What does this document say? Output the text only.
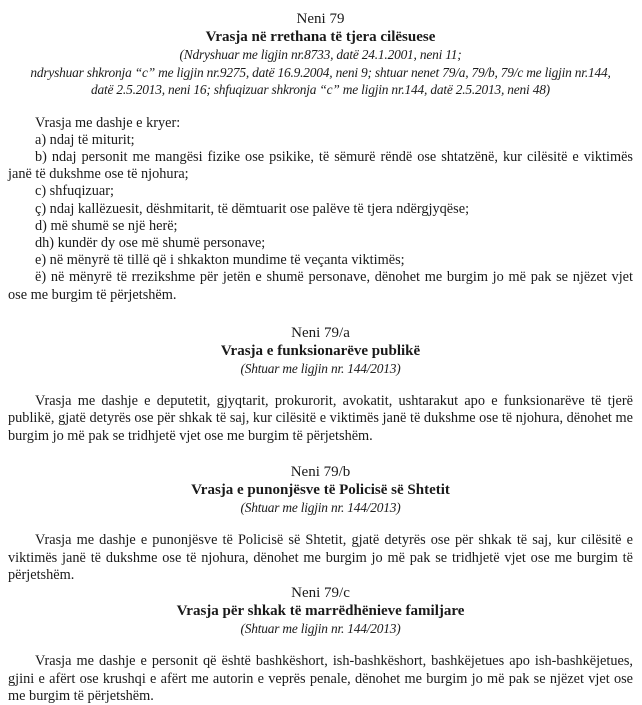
Neni 79
Vrasja në rrethana të tjera cilësuese
(Ndryshuar me ligjin nr.8733, datë 24.1.2001, neni 11;
ndryshuar shkronja “c” me ligjin nr.9275, datë 16.9.2004, neni 9; shtuar nenet 79/a, 79/b, 79/c me ligjin nr.144,
datë 2.5.2013, neni 16; shfuqizuar shkronja “c” me ligjin nr.144, datë 2.5.2013, neni 48)

Vrasja me dashje e kryer:

a) ndaj të miturit;

b) ndaj personit me mangësi fizike ose psikike, të sëmurë rëndë ose shtatzënë, kur cilësitë e viktimës janë të dukshme ose të njohura;

c) shfuqizuar;

ç) ndaj kallëzuesit, dëshmitarit, të dëmtuarit ose palëve të tjera ndërgjyqëse;

d) më shumë se një herë;

dh) kundër dy ose më shumë personave;

e) në mënyrë të tillë që i shkakton mundime të veçanta viktimës;

ë) në mënyrë të rrezikshme për jetën e shumë personave, dënohet me burgim jo më pak se njëzet vjet ose me burgim të përjetshëm.

Neni 79/a
Vrasja e funksionarëve publikë
(Shtuar me ligjin nr. 144/2013)

Vrasja me dashje e deputetit, gjyqtarit, prokurorit, avokatit, ushtarakut apo e funksionarëve të tjerë publikë, gjatë detyrës ose për shkak të saj, kur cilësitë e viktimës janë të dukshme ose të njohura, dënohet me burgim jo më pak se tridhjetë vjet ose me burgim të përjetshëm.

Neni 79/b
Vrasja e punonjësve të Policisë së Shtetit
(Shtuar me ligjin nr. 144/2013)

Vrasja me dashje e punonjësve të Policisë së Shtetit, gjatë detyrës ose për shkak të saj, kur cilësitë e viktimës janë të dukshme ose të njohura, dënohet me burgim jo më pak se tridhjetë vjet ose me burgim të përjetshëm.

Neni 79/c
Vrasja për shkak të marrëdhënieve familjare
(Shtuar me ligjin nr. 144/2013)

Vrasja me dashje e personit që është bashkëshort, ish-bashkëshort, bashkëjetues apo ish-bashkëjetues, gjini e afërt ose krushqi e afërt me autorin e veprës penale, dënohet me burgim jo më pak se njëzet vjet ose me burgim të përjetshëm.
